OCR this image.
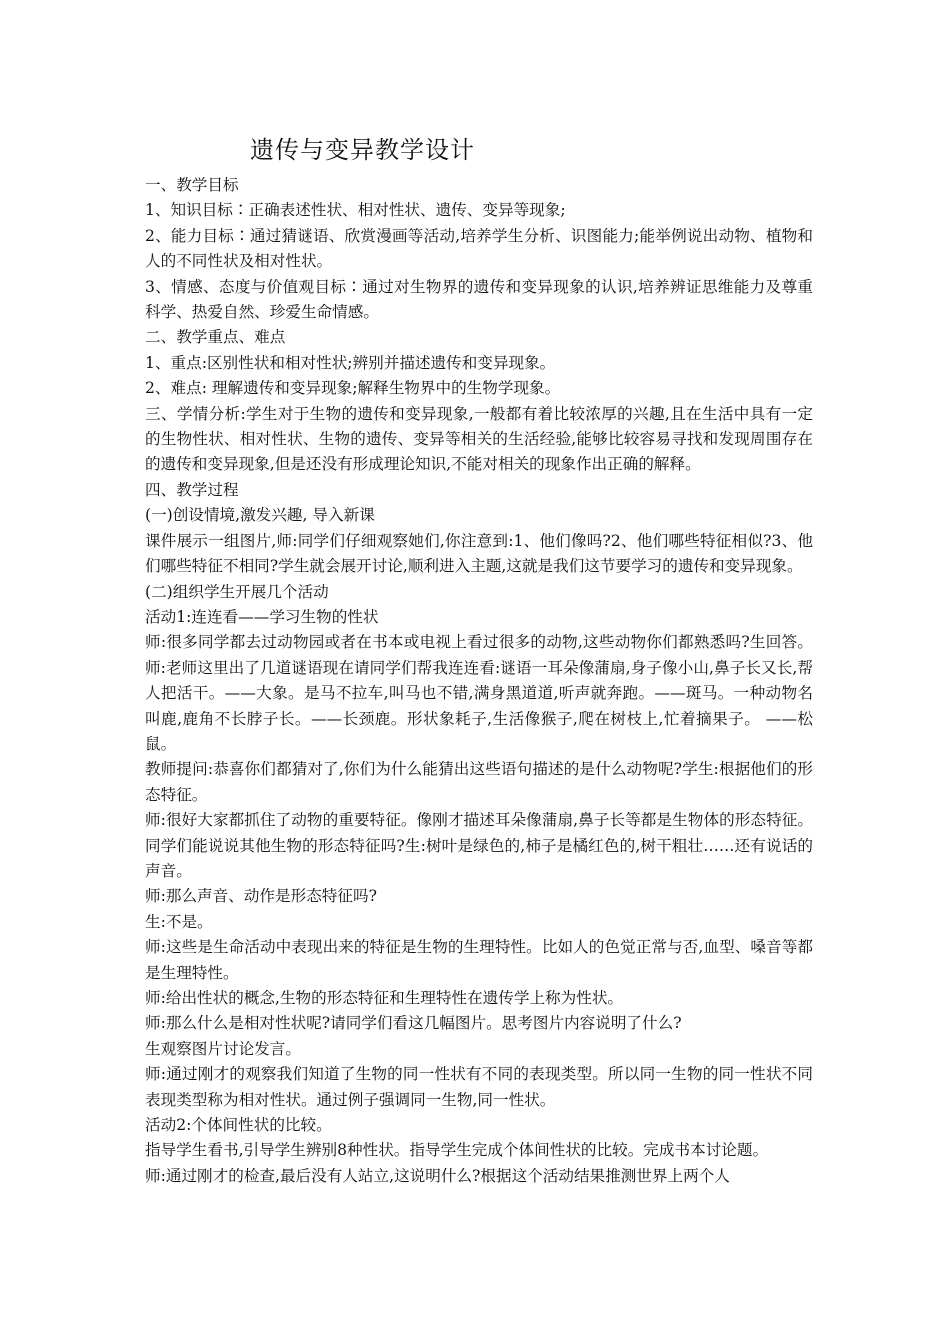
遗传与变异教学设计

一、教学目标

1、知识目标∶正确表述性状、相对性状、遗传、变异等现象;

2、能力目标∶通过猜谜语、欣赏漫画等活动,培养学生分析、识图能力;能举例说出动物、植物和人的不同性状及相对性状。

3、情感、态度与价值观目标∶通过对生物界的遗传和变异现象的认识,培养辨证思维能力及尊重科学、热爱自然、珍爱生命情感。

二、教学重点、难点

1、重点:区别性状和相对性状;辨别并描述遗传和变异现象。

2、难点: 理解遗传和变异现象;解释生物界中的生物学现象。

三、学情分析:学生对于生物的遗传和变异现象,一般都有着比较浓厚的兴趣,且在生活中具有一定的生物性状、相对性状、生物的遗传、变异等相关的生活经验,能够比较容易寻找和发现周围存在的遗传和变异现象,但是还没有形成理论知识,不能对相关的现象作出正确的解释。

四、教学过程

(一)创设情境,激发兴趣, 导入新课

课件展示一组图片,师:同学们仔细观察她们,你注意到:1、他们像吗?2、他们哪些特征相似?3、他们哪些特征不相同?学生就会展开讨论,顺利进入主题,这就是我们这节要学习的遗传和变异现象。

(二)组织学生开展几个活动

活动1:连连看——学习生物的性状

师:很多同学都去过动物园或者在书本或电视上看过很多的动物,这些动物你们都熟悉吗?生回答。师:老师这里出了几道谜语现在请同学们帮我连连看:谜语一耳朵像蒲扇,身子像小山,鼻子长又长,帮人把活干。——大象。是马不拉车,叫马也不错,满身黑道道,听声就奔跑。——斑马。一种动物名叫鹿,鹿角不长脖子长。——长颈鹿。形状象耗子,生活像猴子,爬在树枝上,忙着摘果子。 ——松鼠。

教师提问:恭喜你们都猜对了,你们为什么能猜出这些语句描述的是什么动物呢?学生:根据他们的形态特征。

师:很好大家都抓住了动物的重要特征。像刚才描述耳朵像蒲扇,鼻子长等都是生物体的形态特征。同学们能说说其他生物的形态特征吗?生:树叶是绿色的,柿子是橘红色的,树干粗壮……还有说话的声音。

师:那么声音、动作是形态特征吗?

生:不是。

师:这些是生命活动中表现出来的特征是生物的生理特性。比如人的色觉正常与否,血型、嗓音等都是生理特性。

师:给出性状的概念,生物的形态特征和生理特性在遗传学上称为性状。

师:那么什么是相对性状呢?请同学们看这几幅图片。思考图片内容说明了什么?

生观察图片讨论发言。

师:通过刚才的观察我们知道了生物的同一性状有不同的表现类型。所以同一生物的同一性状不同表现类型称为相对性状。通过例子强调同一生物,同一性状。

活动2:个体间性状的比较。

指导学生看书,引导学生辨别8种性状。指导学生完成个体间性状的比较。完成书本讨论题。

师:通过刚才的检查,最后没有人站立,这说明什么?根据这个活动结果推测世界上两个人
